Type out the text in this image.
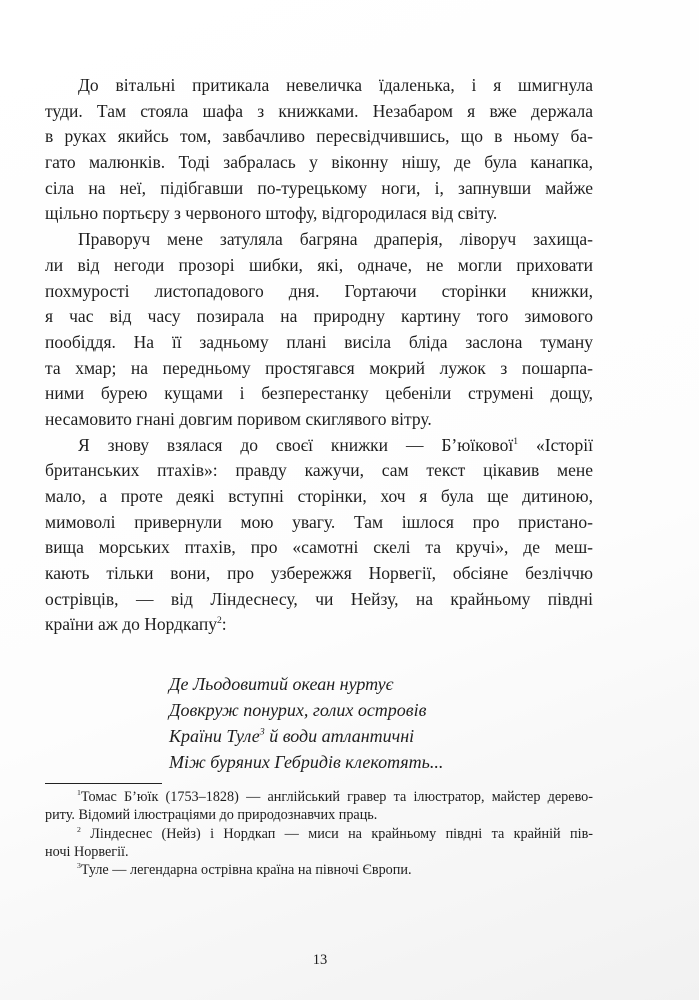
До вітальні притикала невеличка їдаленька, і я шмигнула
туди. Там стояла шафа з книжками. Незабаром я вже держала
в руках якийсь том, завбачливо пересвідчившись, що в ньому ба-
гато малюнків. Тоді забралась у віконну нішу, де була канапка,
сіла на неї, підібгавши по-турецькому ноги, і, запнувши майже
щільно портьєру з червоного штофу, відгородилася від світу.
Праворуч мене затуляла багряна драперія, ліворуч захища-
ли від негоди прозорі шибки, які, одначе, не могли приховати
похмурості листопадового дня. Гортаючи сторінки книжки,
я час від часу позирала на природну картину того зимового
пообіддя. На її задньому плані висіла бліда заслона туману
та хмар; на передньому простягався мокрий лужок з пошарпа-
ними бурею кущами і безперестанку цебеніли струмені дощу,
несамовито гнані довгим поривом скиглявого вітру.
Я знову взялася до своєї книжки — Б’юїкової$^1$ «Історії
британських птахів»: правду кажучи, сам текст цікавив мене
мало, а проте деякі вступні сторінки, хоч я була ще дитиною,
мимоволі привернули мою увагу. Там ішлося про пристано-
вища морських птахів, про «самотні скелі та кручі», де меш-
кають тільки вони, про узбережжя Норвегії, обсіяне безліччю
острівців, — від Ліндеснесу, чи Нейзу, на крайньому півдні
країни аж до Нордкапу$^2$:
Де Льодовитий океан нуртує
Довкруж понурих, голих островів
Країни Туле$^3$ й води атлантичні
Між буряних Гебридів клекотять...
$^1$Томас Б’юїк (1753–1828) — англійський гравер та ілюстратор, майстер дерево-
риту. Відомий ілюстраціями до природознавчих праць.
$^2$ Ліндеснес (Нейз) і Нордкап — миси на крайньому півдні та крайній пів-
ночі Норвегії.
$^3$Туле — легендарна острівна країна на півночі Європи.
13
